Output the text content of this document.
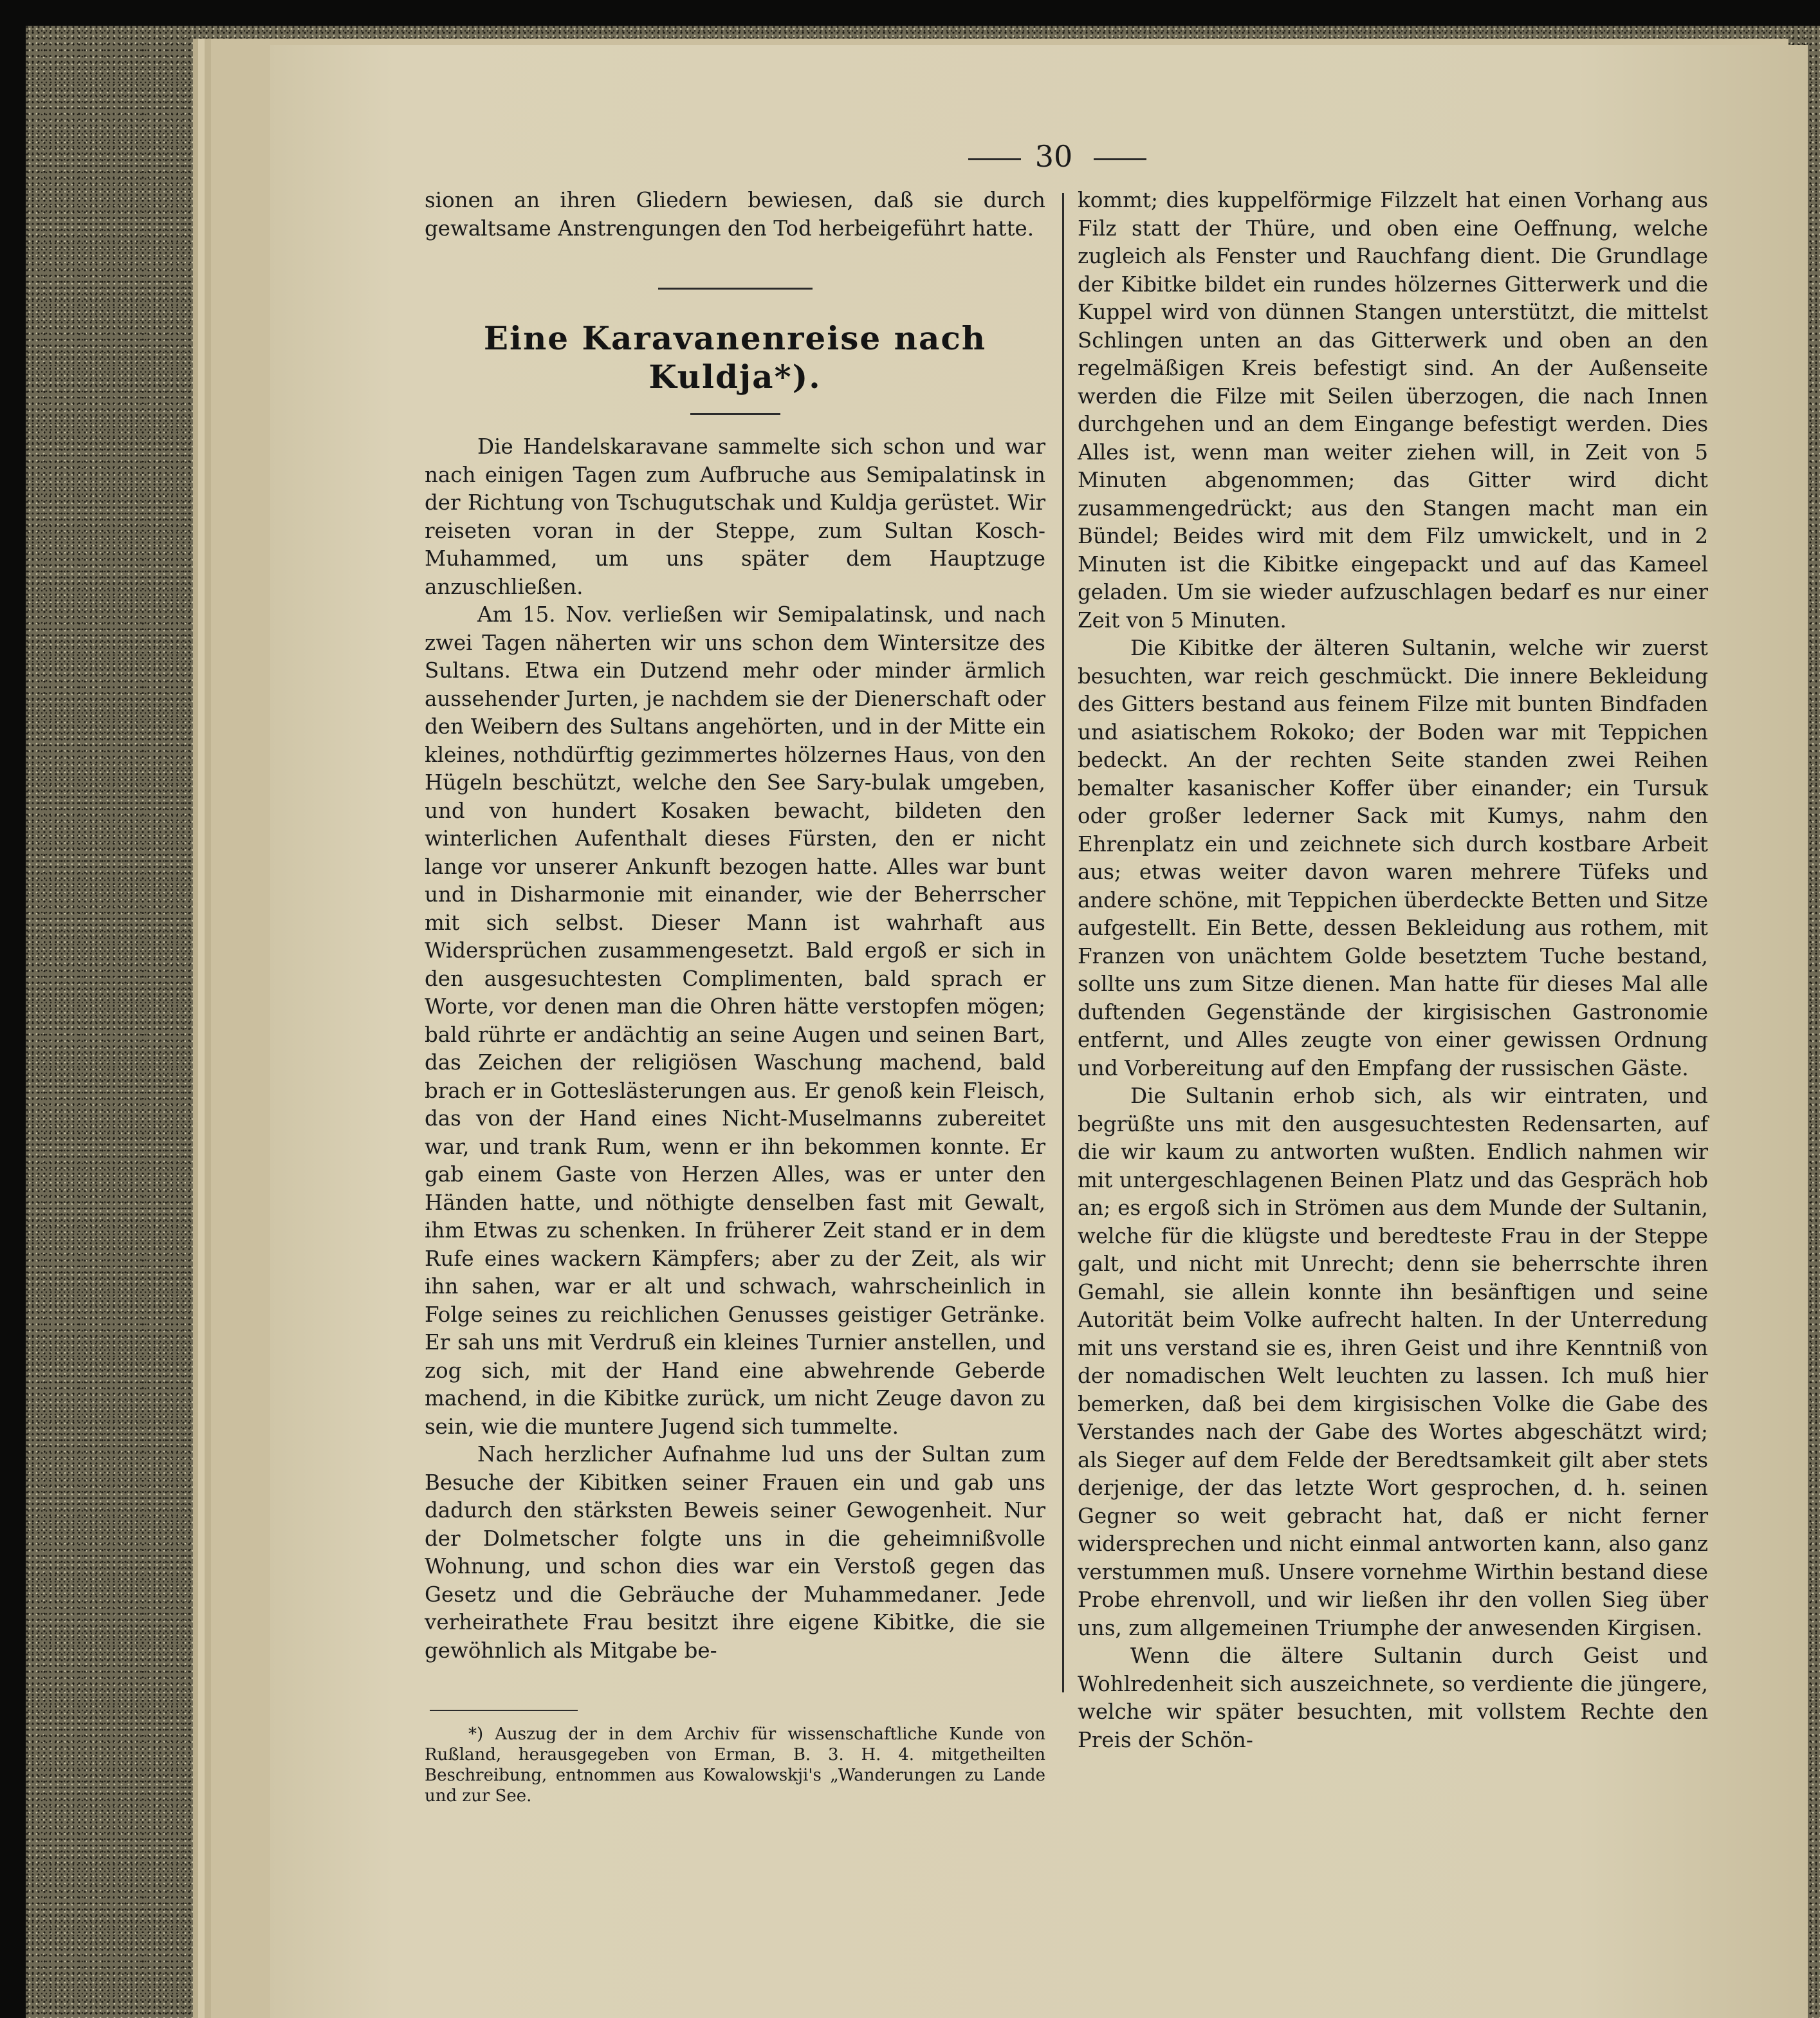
30

sionen an ihren Gliedern bewiesen, daß sie durch gewaltsame Anstrengungen den Tod herbeigeführt hatte.

Eine Karavanenreise nach Kuldja*).

Die Handelskaravane sammelte sich schon und war nach einigen Tagen zum Aufbruche aus Semipalatinsk in der Richtung von Tschugutschak und Kuldja gerüstet. Wir reiseten voran in der Steppe, zum Sultan Kosch-Muhammed, um uns später dem Hauptzuge anzuschließen.

Am 15. Nov. verließen wir Semipalatinsk, und nach zwei Tagen näherten wir uns schon dem Wintersitze des Sultans. Etwa ein Dutzend mehr oder minder ärmlich aussehender Jurten, je nachdem sie der Dienerschaft oder den Weibern des Sultans angehörten, und in der Mitte ein kleines, nothdürftig gezimmertes hölzernes Haus, von den Hügeln beschützt, welche den See Sary-bulak umgeben, und von hundert Kosaken bewacht, bildeten den winterlichen Aufenthalt dieses Fürsten, den er nicht lange vor unserer Ankunft bezogen hatte. Alles war bunt und in Disharmonie mit einander, wie der Beherrscher mit sich selbst. Dieser Mann ist wahrhaft aus Widersprüchen zusammengesetzt. Bald ergoß er sich in den ausgesuchtesten Complimenten, bald sprach er Worte, vor denen man die Ohren hätte verstopfen mögen; bald rührte er andächtig an seine Augen und seinen Bart, das Zeichen der religiösen Waschung machend, bald brach er in Gotteslästerungen aus. Er genoß kein Fleisch, das von der Hand eines Nicht-Muselmanns zubereitet war, und trank Rum, wenn er ihn bekommen konnte. Er gab einem Gaste von Herzen Alles, was er unter den Händen hatte, und nöthigte denselben fast mit Gewalt, ihm Etwas zu schenken. In früherer Zeit stand er in dem Rufe eines wackern Kämpfers; aber zu der Zeit, als wir ihn sahen, war er alt und schwach, wahrscheinlich in Folge seines zu reichlichen Genusses geistiger Getränke. Er sah uns mit Verdruß ein kleines Turnier anstellen, und zog sich, mit der Hand eine abwehrende Geberde machend, in die Kibitke zurück, um nicht Zeuge davon zu sein, wie die muntere Jugend sich tummelte.

Nach herzlicher Aufnahme lud uns der Sultan zum Besuche der Kibitken seiner Frauen ein und gab uns dadurch den stärksten Beweis seiner Gewogenheit. Nur der Dolmetscher folgte uns in die geheimnißvolle Wohnung, und schon dies war ein Verstoß gegen das Gesetz und die Gebräuche der Muhammedaner. Jede verheirathete Frau besitzt ihre eigene Kibitke, die sie gewöhnlich als Mitgabe be-

*) Auszug der in dem Archiv für wissenschaftliche Kunde von Rußland, herausgegeben von Erman, B. 3. H. 4. mitgetheilten Beschreibung, entnommen aus Kowalowskji's „Wanderungen zu Lande und zur See.

kommt; dies kuppelförmige Filzzelt hat einen Vorhang aus Filz statt der Thüre, und oben eine Oeffnung, welche zugleich als Fenster und Rauchfang dient. Die Grundlage der Kibitke bildet ein rundes hölzernes Gitterwerk und die Kuppel wird von dünnen Stangen unterstützt, die mittelst Schlingen unten an das Gitterwerk und oben an den regelmäßigen Kreis befestigt sind. An der Außenseite werden die Filze mit Seilen überzogen, die nach Innen durchgehen und an dem Eingange befestigt werden. Dies Alles ist, wenn man weiter ziehen will, in Zeit von 5 Minuten abgenommen; das Gitter wird dicht zusammengedrückt; aus den Stangen macht man ein Bündel; Beides wird mit dem Filz umwickelt, und in 2 Minuten ist die Kibitke eingepackt und auf das Kameel geladen. Um sie wieder aufzuschlagen bedarf es nur einer Zeit von 5 Minuten.

Die Kibitke der älteren Sultanin, welche wir zuerst besuchten, war reich geschmückt. Die innere Bekleidung des Gitters bestand aus feinem Filze mit bunten Bindfaden und asiatischem Rokoko; der Boden war mit Teppichen bedeckt. An der rechten Seite standen zwei Reihen bemalter kasanischer Koffer über einander; ein Tursuk oder großer lederner Sack mit Kumys, nahm den Ehrenplatz ein und zeichnete sich durch kostbare Arbeit aus; etwas weiter davon waren mehrere Tüfeks und andere schöne, mit Teppichen überdeckte Betten und Sitze aufgestellt. Ein Bette, dessen Bekleidung aus rothem, mit Franzen von unächtem Golde besetztem Tuche bestand, sollte uns zum Sitze dienen. Man hatte für dieses Mal alle duftenden Gegenstände der kirgisischen Gastronomie entfernt, und Alles zeugte von einer gewissen Ordnung und Vorbereitung auf den Empfang der russischen Gäste.

Die Sultanin erhob sich, als wir eintraten, und begrüßte uns mit den ausgesuchtesten Redensarten, auf die wir kaum zu antworten wußten. Endlich nahmen wir mit untergeschlagenen Beinen Platz und das Gespräch hob an; es ergoß sich in Strömen aus dem Munde der Sultanin, welche für die klügste und beredteste Frau in der Steppe galt, und nicht mit Unrecht; denn sie beherrschte ihren Gemahl, sie allein konnte ihn besänftigen und seine Autorität beim Volke aufrecht halten. In der Unterredung mit uns verstand sie es, ihren Geist und ihre Kenntniß von der nomadischen Welt leuchten zu lassen. Ich muß hier bemerken, daß bei dem kirgisischen Volke die Gabe des Verstandes nach der Gabe des Wortes abgeschätzt wird; als Sieger auf dem Felde der Beredtsamkeit gilt aber stets derjenige, der das letzte Wort gesprochen, d. h. seinen Gegner so weit gebracht hat, daß er nicht ferner widersprechen und nicht einmal antworten kann, also ganz verstummen muß. Unsere vornehme Wirthin bestand diese Probe ehrenvoll, und wir ließen ihr den vollen Sieg über uns, zum allgemeinen Triumphe der anwesenden Kirgisen.

Wenn die ältere Sultanin durch Geist und Wohlredenheit sich auszeichnete, so verdiente die jüngere, welche wir später besuchten, mit vollstem Rechte den Preis der Schön-
